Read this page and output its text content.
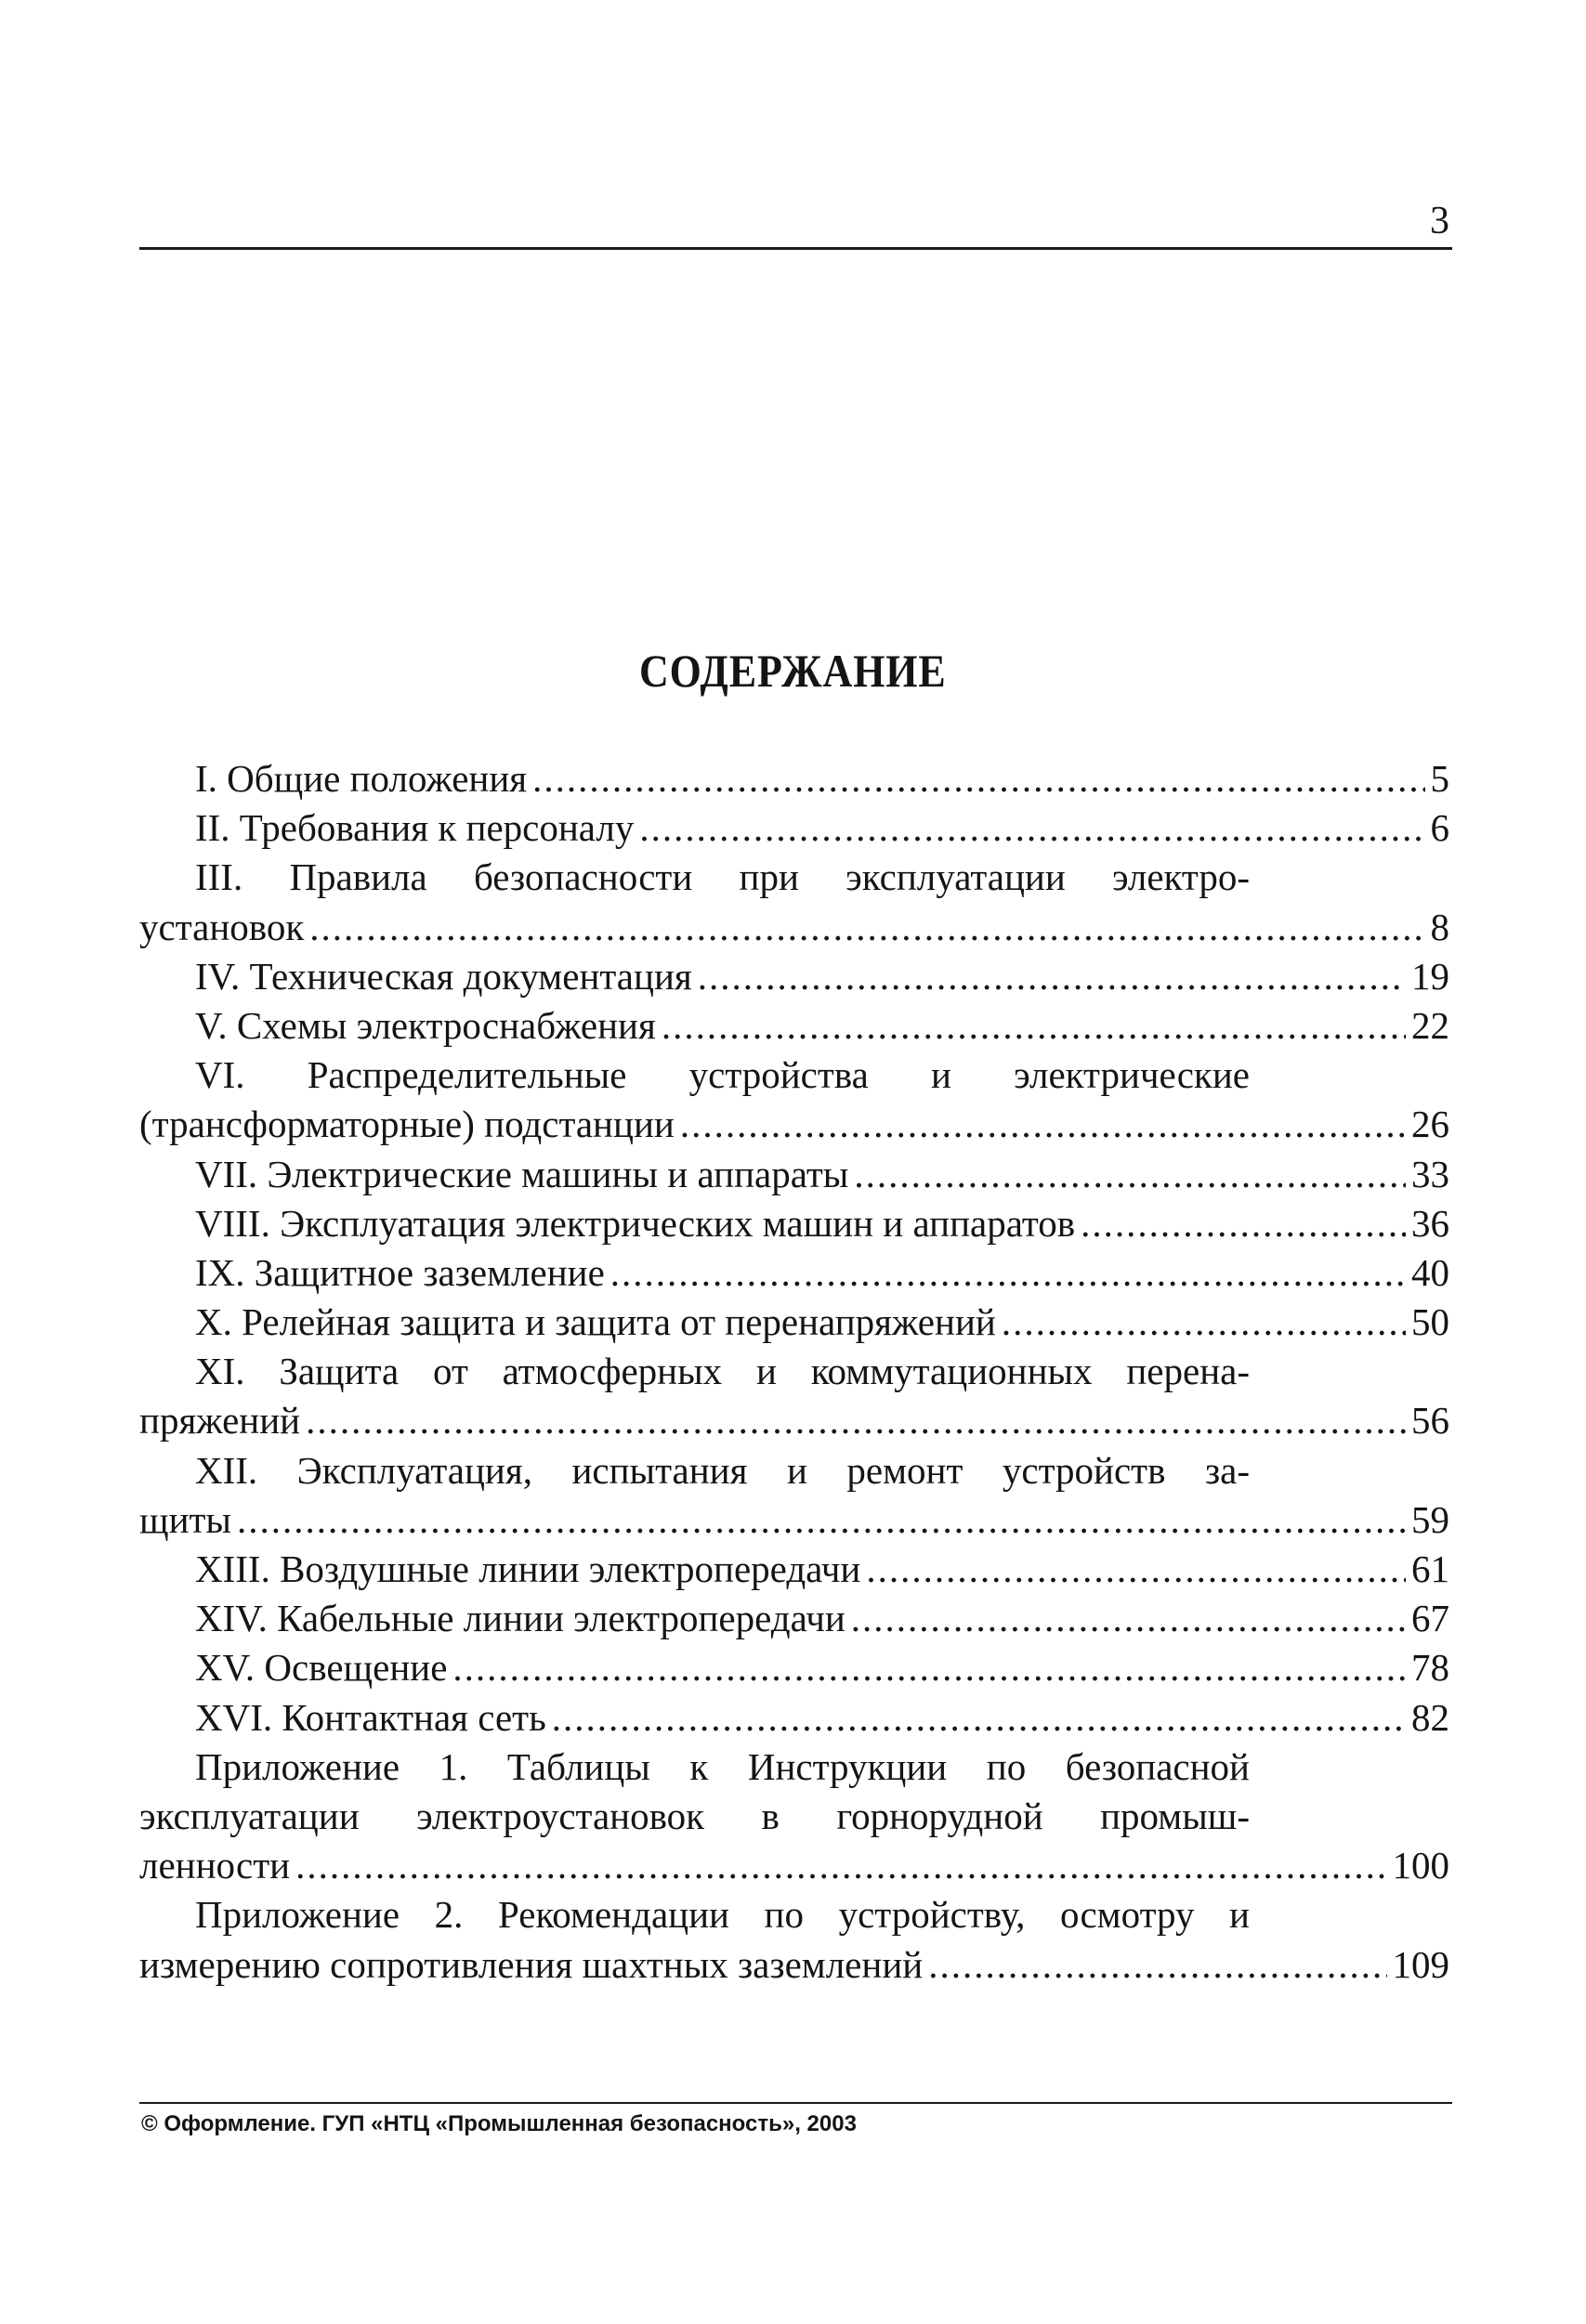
3
СОДЕРЖАНИЕ
I. Общие положения .....	5
II. Требования к персоналу .....	6
III. Правила безопасности при эксплуатации электро-
установок .....	8
IV. Техническая документация .....	19
V. Схемы электроснабжения .....	22
VI. Распределительные устройства и электрические
(трансформаторные) подстанции .....	26
VII. Электрические машины и аппараты .....	33
VIII. Эксплуатация электрических машин и аппаратов .....	36
IX. Защитное заземление .....	40
X. Релейная защита и защита от перенапряжений .....	50
XI. Защита от атмосферных и коммутационных перена-
пряжений .....	56
XII. Эксплуатация, испытания и ремонт устройств за-
щиты .....	59
XIII. Воздушные линии электропередачи .....	61
XIV. Кабельные линии электропередачи .....	67
XV. Освещение .....	78
XVI. Контактная сеть .....	82
Приложение 1. Таблицы к Инструкции по безопасной
эксплуатации электроустановок в горнорудной промыш-
ленности .....	100
Приложение 2. Рекомендации по устройству, осмотру и
измерению сопротивления шахтных заземлений .....	109
© Оформление. ГУП «НТЦ «Промышленная безопасность», 2003
